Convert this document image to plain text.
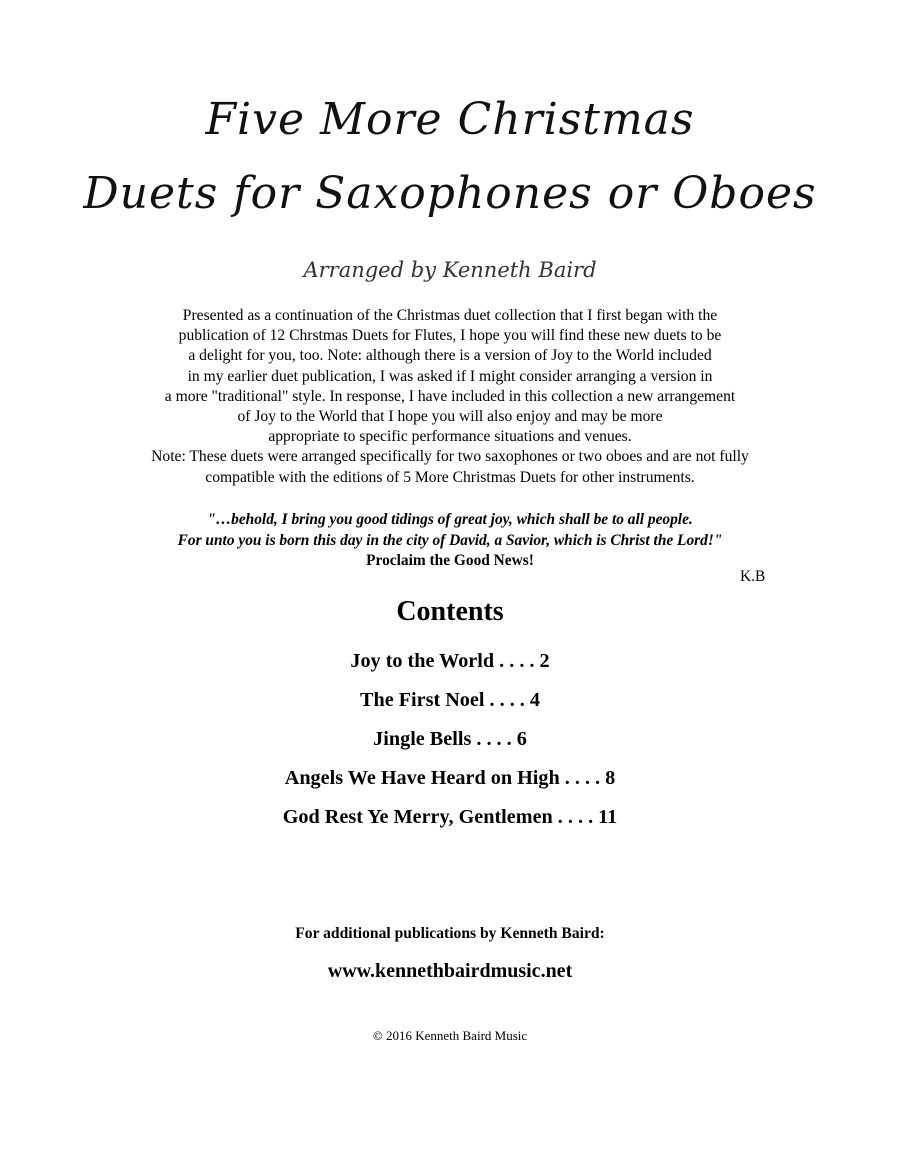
Five More Christmas
Duets for Saxophones or Oboes
Arranged by Kenneth Baird
Presented as a continuation of the Christmas duet collection that I first began with the
publication of 12 Chrstmas Duets for Flutes, I hope you will find these new duets to be
a delight for you, too. Note: although there is a version of Joy to the World included
in my earlier duet publication, I was asked if I might consider arranging a version in
a more "traditional" style. In response, I have included in this collection a new arrangement
of Joy to the World that I hope you will also enjoy and may be more
appropriate to specific performance situations and venues.
Note: These duets were arranged specifically for two saxophones or two oboes and are not fully
compatible with the editions of 5 More Christmas Duets for other instruments.
"…behold, I bring you good tidings of great joy, which shall be to all people.
For unto you is born this day in the city of David, a Savior, which is Christ the Lord!"
Proclaim the Good News!
K.B
Contents
Joy to the World . . . . 2
The First Noel . . . . 4
Jingle Bells . . . . 6
Angels We Have Heard on High . . . . 8
God Rest Ye Merry, Gentlemen . . . . 11
For additional publications by Kenneth Baird:
www.kennethbairdmusic.net
© 2016 Kenneth Baird Music
